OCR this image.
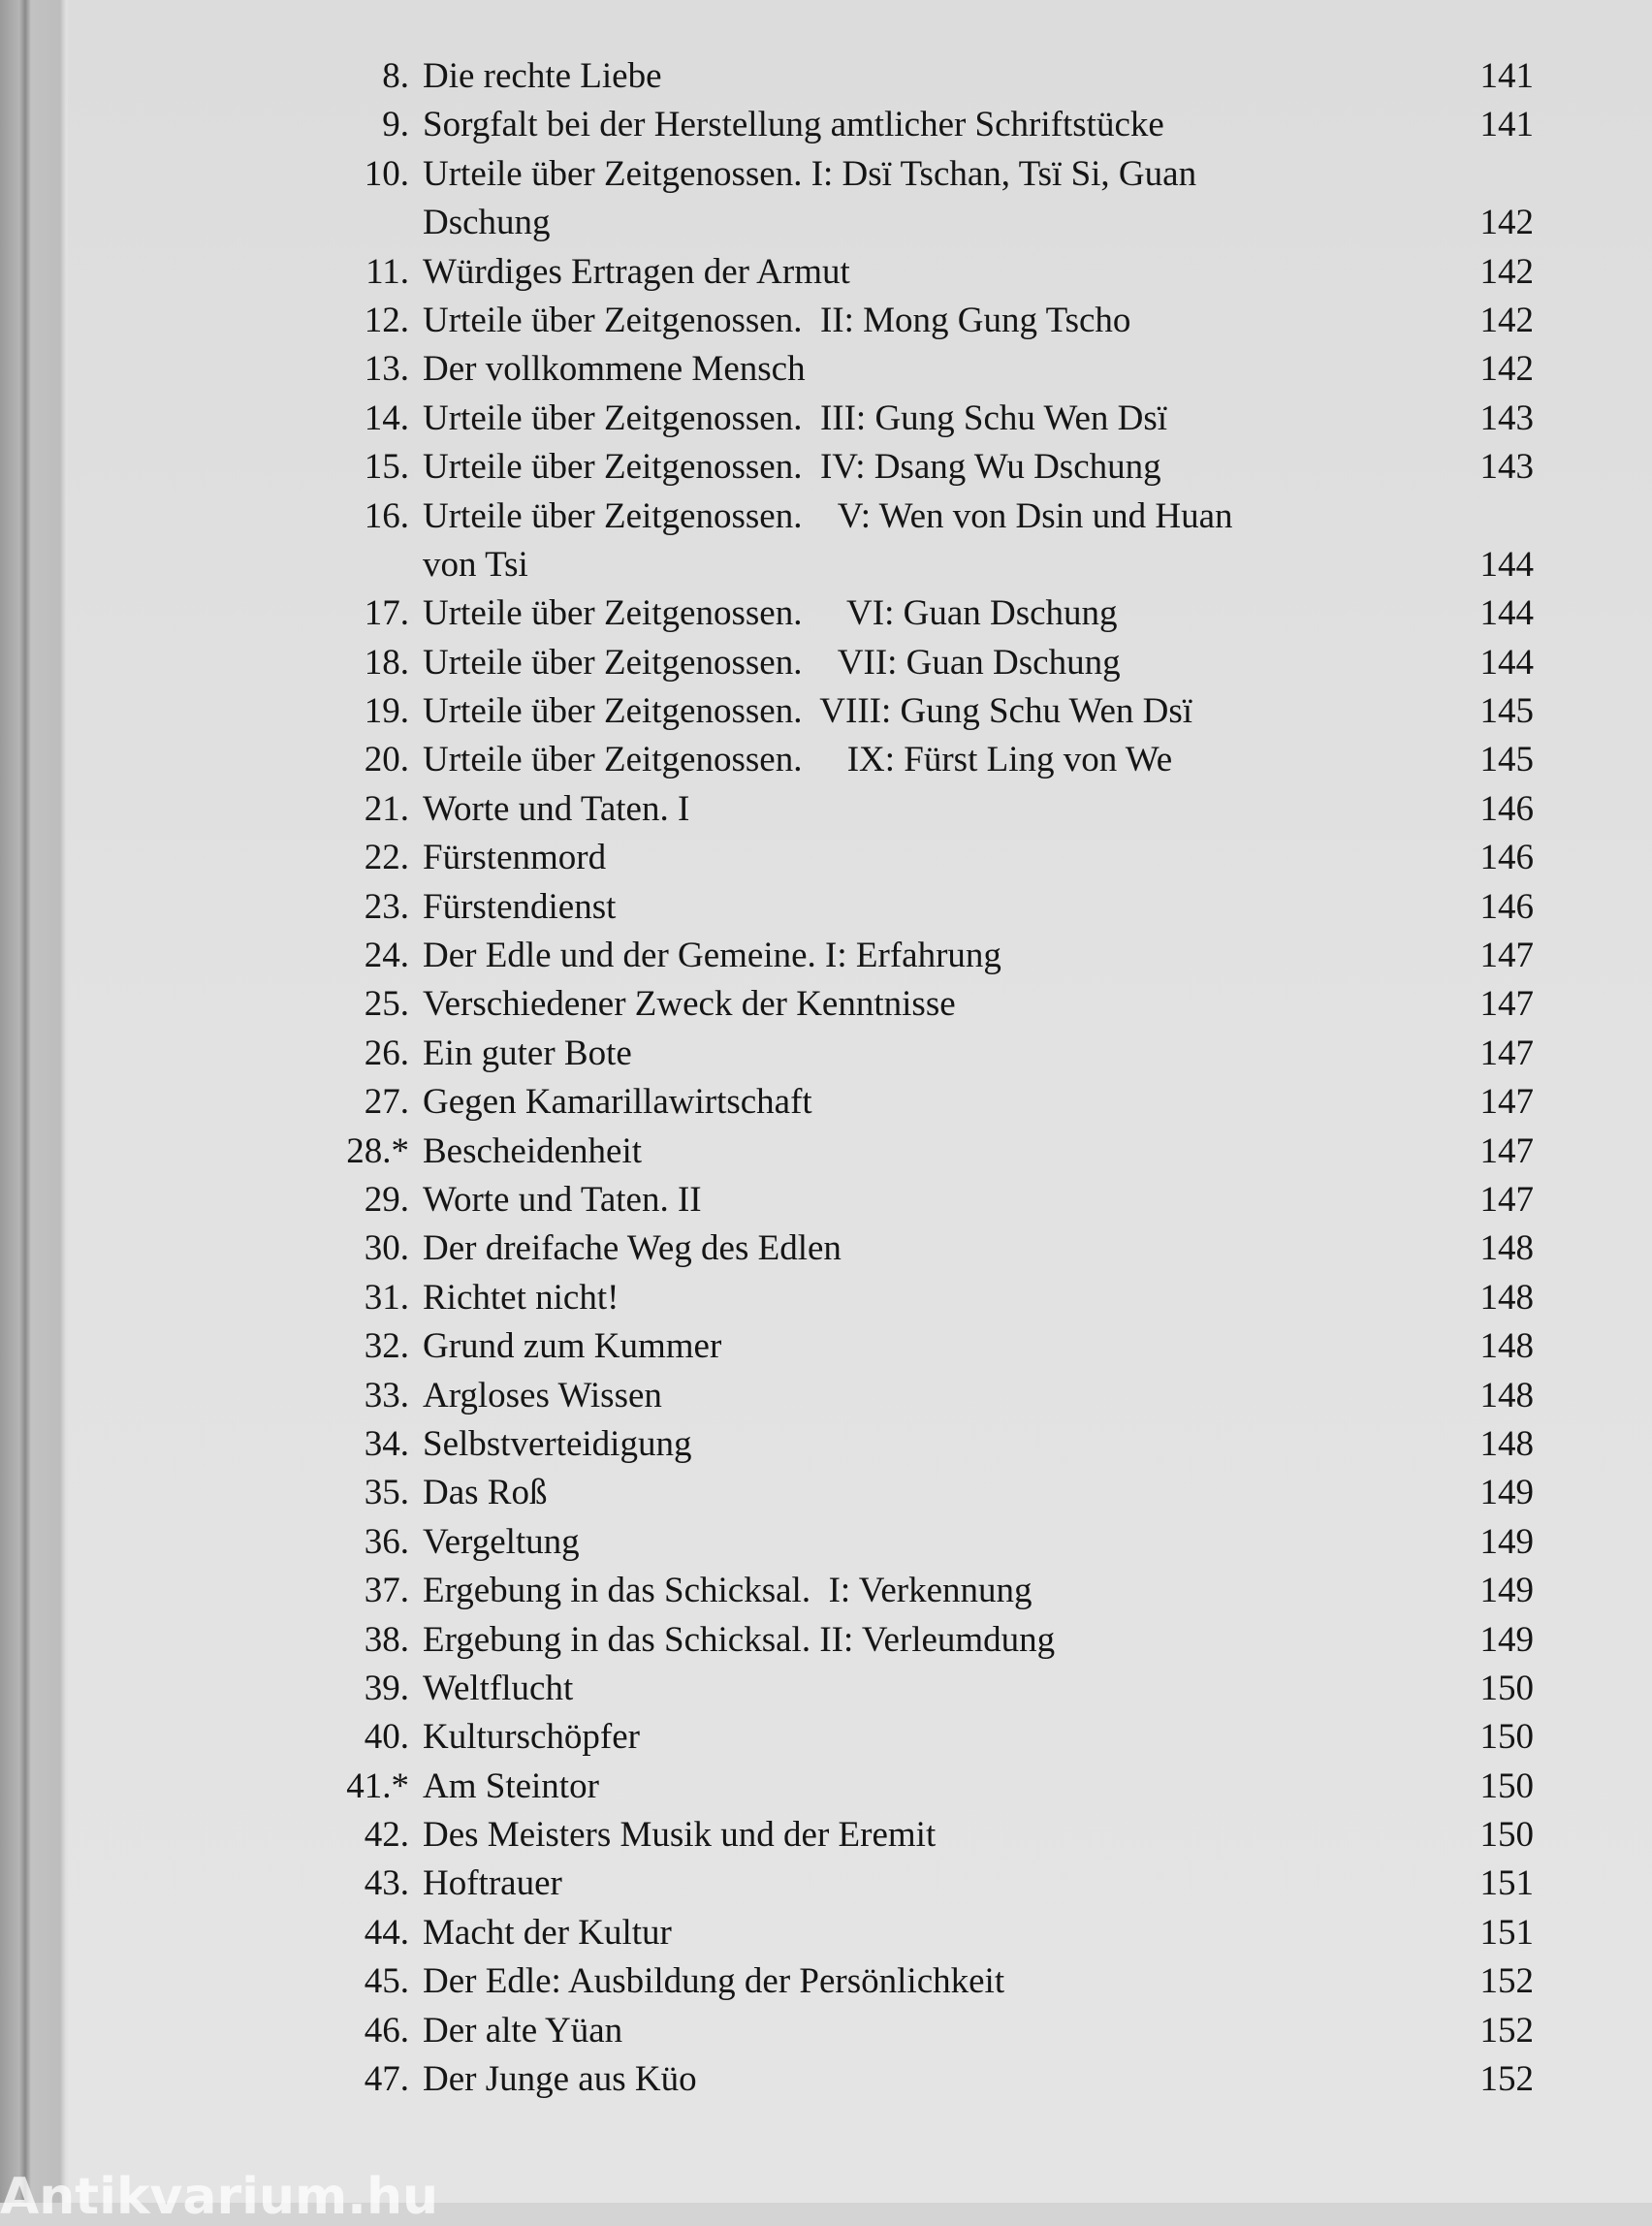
8. Die rechte Liebe	141
9. Sorgfalt bei der Herstellung amtlicher Schriftstücke	141
10. Urteile über Zeitgenossen. I: Dsï Tschan, Tsï Si, Guan
Dschung	142
11. Würdiges Ertragen der Armut	142
12. Urteile über Zeitgenossen.  II: Mong Gung Tscho	142
13. Der vollkommene Mensch	142
14. Urteile über Zeitgenossen.  III: Gung Schu Wen Dsï	143
15. Urteile über Zeitgenossen.  IV: Dsang Wu Dschung	143
16. Urteile über Zeitgenossen.    V: Wen von Dsin und Huan
von Tsi	144
17. Urteile über Zeitgenossen.     VI: Guan Dschung	144
18. Urteile über Zeitgenossen.    VII: Guan Dschung	144
19. Urteile über Zeitgenossen.  VIII: Gung Schu Wen Dsï	145
20. Urteile über Zeitgenossen.     IX: Fürst Ling von We	145
21. Worte und Taten. I	146
22. Fürstenmord	146
23. Fürstendienst	146
24. Der Edle und der Gemeine. I: Erfahrung	147
25. Verschiedener Zweck der Kenntnisse	147
26. Ein guter Bote	147
27. Gegen Kamarillawirtschaft	147
28.* Bescheidenheit	147
29. Worte und Taten. II	147
30. Der dreifache Weg des Edlen	148
31. Richtet nicht!	148
32. Grund zum Kummer	148
33. Argloses Wissen	148
34. Selbstverteidigung	148
35. Das Roß	149
36. Vergeltung	149
37. Ergebung in das Schicksal.  I: Verkennung	149
38. Ergebung in das Schicksal. II: Verleumdung	149
39. Weltflucht	150
40. Kulturschöpfer	150
41.* Am Steintor	150
42. Des Meisters Musik und der Eremit	150
43. Hoftrauer	151
44. Macht der Kultur	151
45. Der Edle: Ausbildung der Persönlichkeit	152
46. Der alte Yüan	152
47. Der Junge aus Küo	152
Antikvarium.hu
